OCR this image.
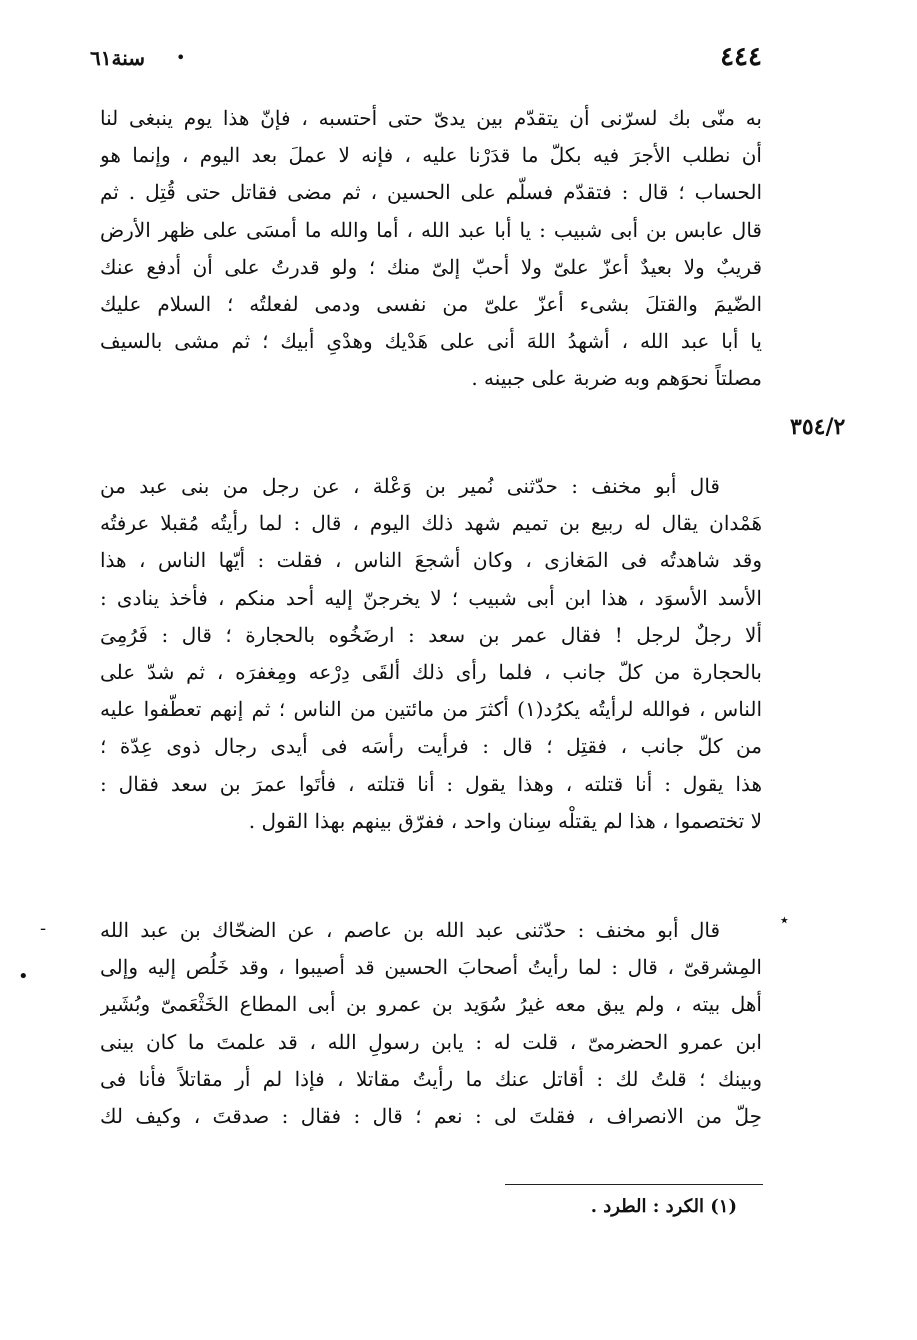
سنة٦١ •	٤٤٤
به منّى بك لسرّنى أن يتقدّم بين يدىّ حتى أحتسبه ، فإنّ هذا يوم ينبغى لنا
أن نطلب الأجرَ فيه بكلّ ما قدَرْنا عليه ، فإنه لا عملَ بعد اليوم ، وإنما هو
الحساب ؛ قال : فتقدّم فسلّم على الحسين ، ثم مضى فقاتل حتى قُتِل . ثم
قال عابس بن أبى شبيب : يا أبا عبد الله ، أما والله ما أمسَى على ظهر الأرض
قريبٌ ولا بعيدٌ أعزّ علىّ ولا أحبّ إلىّ منك ؛ ولو قدرتُ على أن أدفع عنك
الضّيمَ والقتلَ بشىء أعزّ علىّ من نفسى ودمى لفعلتُه ؛ السلام عليك
يا أبا عبد الله ، أشهدُ اللهَ أنى على هَدْيك وهدْىِ أبيك ؛ ثم مشى بالسيف
مصلتاً نحوَهم وبه ضربة على جبينه .
٣٥٤/٢
قال أبو مخنف : حدّثنى نُمير بن وَعْلة ، عن رجل من بنى عبد من
هَمْدان يقال له ربيع بن تميم شهد ذلك اليوم ، قال : لما رأيتُه مُقبلا عرفتُه
وقد شاهدتُه فى المَغازى ، وكان أشجعَ الناس ، فقلت : أيّها الناس ، هذا
الأسد الأسوَد ، هذا ابن أبى شبيب ؛ لا يخرجنّ إليه أحد منكم ، فأخذ ينادى :
ألا رجلٌ لرجل ! فقال عمر بن سعد : ارضَخُوه بالحجارة ؛ قال : فَرُمِىَ
بالحجارة من كلّ جانب ، فلما رأى ذلك ألقَى دِرْعه ومِغفرَه ، ثم شدّ على
الناس ، فوالله لرأيتُه يكرُد(١) أكثرَ من مائتين من الناس ؛ ثم إنهم تعطّفوا عليه
من كلّ جانب ، فقتِل ؛ قال : فرأيت رأسَه فى أيدى رجال ذوى عِدّة ؛
هذا يقول : أنا قتلته ، وهذا يقول : أنا قتلته ، فأتَوا عمرَ بن سعد فقال :
لا تختصموا ، هذا لم يقتلْه سِنان واحد ، ففرّق بينهم بهذا القول .
-
•
٭
قال أبو مخنف : حدّثنى عبد الله بن عاصم ، عن الضحّاك بن عبد الله
المِشرقىّ ، قال : لما رأيتُ أصحابَ الحسين قد أصيبوا ، وقد خَلُص إليه وإلى
أهل بيته ، ولم يبق معه غيرُ سُوَيد بن عمرو بن أبى المطاع الخَثْعَمىّ وبُشَير
ابن عمرو الحضرمىّ ، قلت له : يابن رسولِ الله ، قد علمتَ ما كان بينى
وبينك ؛ قلتُ لك : أقاتل عنك ما رأيتُ مقاتلا ، فإذا لم أر مقاتلاً فأنا فى
حِلّ من الانصراف ، فقلتَ لى : نعم ؛ قال : فقال : صدقتَ ، وكيف لك
(١) الكرد : الطرد .
